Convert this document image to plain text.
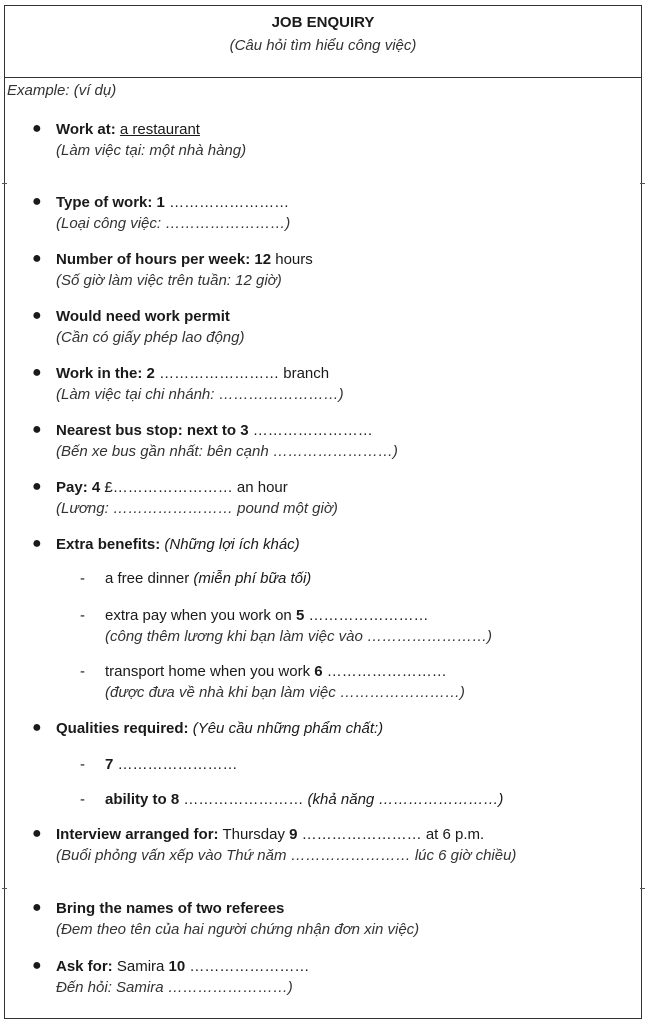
JOB ENQUIRY
(Câu hỏi tìm hiểu công việc)
Example: (ví dụ)
● Work at: a restaurant
(Làm việc tại: một nhà hàng)
● Type of work: 1 ……………………
(Loại công việc: ……………………)
● Number of hours per week: 12 hours
(Số giờ làm việc trên tuần: 12 giờ)
● Would need work permit
(Cần có giấy phép lao động)
● Work in the: 2 …………………… branch
(Làm việc tại chi nhánh: ……………………)
● Nearest bus stop: next to 3 ……………………
(Bến xe bus gần nhất: bên cạnh ……………………)
● Pay: 4 £…………………… an hour
(Lương: …………………… pound một giờ)
● Extra benefits: (Những lợi ích khác)
- a free dinner (miễn phí bữa tối)
- extra pay when you work on 5 ……………………
(công thêm lương khi bạn làm việc vào ……………………)
- transport home when you work 6 ……………………
(được đưa về nhà khi bạn làm việc ……………………)
● Qualities required: (Yêu cầu những phẩm chất:)
- 7 ……………………
- ability to 8 …………………… (khả năng ……………………)
● Interview arranged for: Thursday 9 …………………… at 6 p.m.
(Buổi phỏng vấn xếp vào Thứ năm …………………… lúc 6 giờ chiều)
● Bring the names of two referees
(Đem theo tên của hai người chứng nhận đơn xin việc)
● Ask for: Samira 10 ……………………
Đến hỏi: Samira ……………………)
